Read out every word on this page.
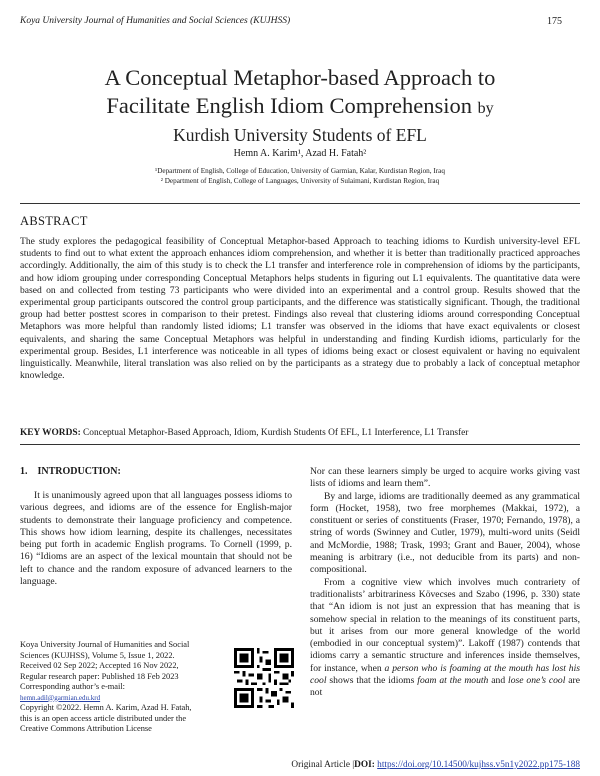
Koya University Journal of Humanities and Social Sciences (KUJHSS)	175
A Conceptual Metaphor-based Approach to
Facilitate English Idiom Comprehension by
Kurdish University Students of EFL
Hemn A. Karim¹, Azad H. Fatah²
¹Department of English, College of Education, University of Garmian, Kalar, Kurdistan Region, Iraq
² Department of English, College of Languages, University of Sulaimani, Kurdistan Region, Iraq
ABSTRACT
The study explores the pedagogical feasibility of Conceptual Metaphor-based Approach to teaching idioms to Kurdish university-level EFL students to find out to what extent the approach enhances idiom comprehension, and whether it is better than traditionally practiced approaches accordingly. Additionally, the aim of this study is to check the L1 transfer and interference role in comprehension of idioms by the participants, and how idiom grouping under corresponding Conceptual Metaphors helps students in figuring out L1 equivalents. The quantitative data were based on and collected from testing 73 participants who were divided into an experimental and a control group. Results showed that the experimental group participants outscored the control group participants, and the difference was statistically significant. Though, the traditional group had better posttest scores in comparison to their pretest. Findings also reveal that clustering idioms around corresponding Conceptual Metaphors was more helpful than randomly listed idioms; L1 transfer was observed in the idioms that have exact equivalents or closest equivalents, and sharing the same Conceptual Metaphors was helpful in understanding and finding Kurdish idioms, particularly for the experimental group. Besides, L1 interference was noticeable in all types of idioms being exact or closest equivalent or having no equivalent linguistically. Meanwhile, literal translation was also relied on by the participants as a strategy due to probably a lack of conceptual metaphor knowledge.
KEY WORDS: Conceptual Metaphor-Based Approach, Idiom, Kurdish Students Of EFL, L1 Interference, L1 Transfer
1.    INTRODUCTION:
It is unanimously agreed upon that all languages possess idioms to various degrees, and idioms are of the essence for English-major students to demonstrate their language proficiency and competence. This shows how idiom learning, despite its challenges, necessitates being put forth in academic English programs. To Cornell (1999, p. 16) “Idioms are an aspect of the lexical mountain that should not be left to chance and the random exposure of advanced learners to the language.

Nor can these learners simply be urged to acquire works giving vast lists of idioms and learn them”.

By and large, idioms are traditionally deemed as any grammatical form (Hocket, 1958), two free morphemes (Makkai, 1972), a constituent or series of constituents (Fraser, 1970; Fernando, 1978), a string of words (Swinney and Cutler, 1979), multi-word units (Seidl and McMordie, 1988; Trask, 1993; Grant and Bauer, 2004), whose meaning is arbitrary (i.e., not deducible from its parts) and non-compositional.

From a cognitive view which involves much contrariety of traditionalists’ arbitrariness Kövecses and Szabo (1996, p. 330) state that “An idiom is not just an expression that has meaning that is somehow special in relation to the meanings of its constituent parts, but it arises from our more general knowledge of the world (embodied in our conceptual system)”. Lakoff (1987) contends that idioms carry a semantic structure and inferences inside themselves, for instance, when a person who is foaming at the mouth has lost his cool shows that the idioms foam at the mouth and lose one’s cool are not

Koya University Journal of Humanities and Social Sciences (KUJHSS), Volume 5, Issue 1, 2022.
Received 02 Sep 2022; Accepted 16 Nov 2022,
Regular research paper: Published 18 Feb 2023
Corresponding author’s e-mail: hemn.adil@garmian.edu.krd
Copyright ©2022. Hemn A. Karim, Azad H. Fatah, this is an open access article distributed under the Creative Commons Attribution License
Original Article |DOI: https://doi.org/10.14500/kujhss.v5n1y2022.pp175-188
